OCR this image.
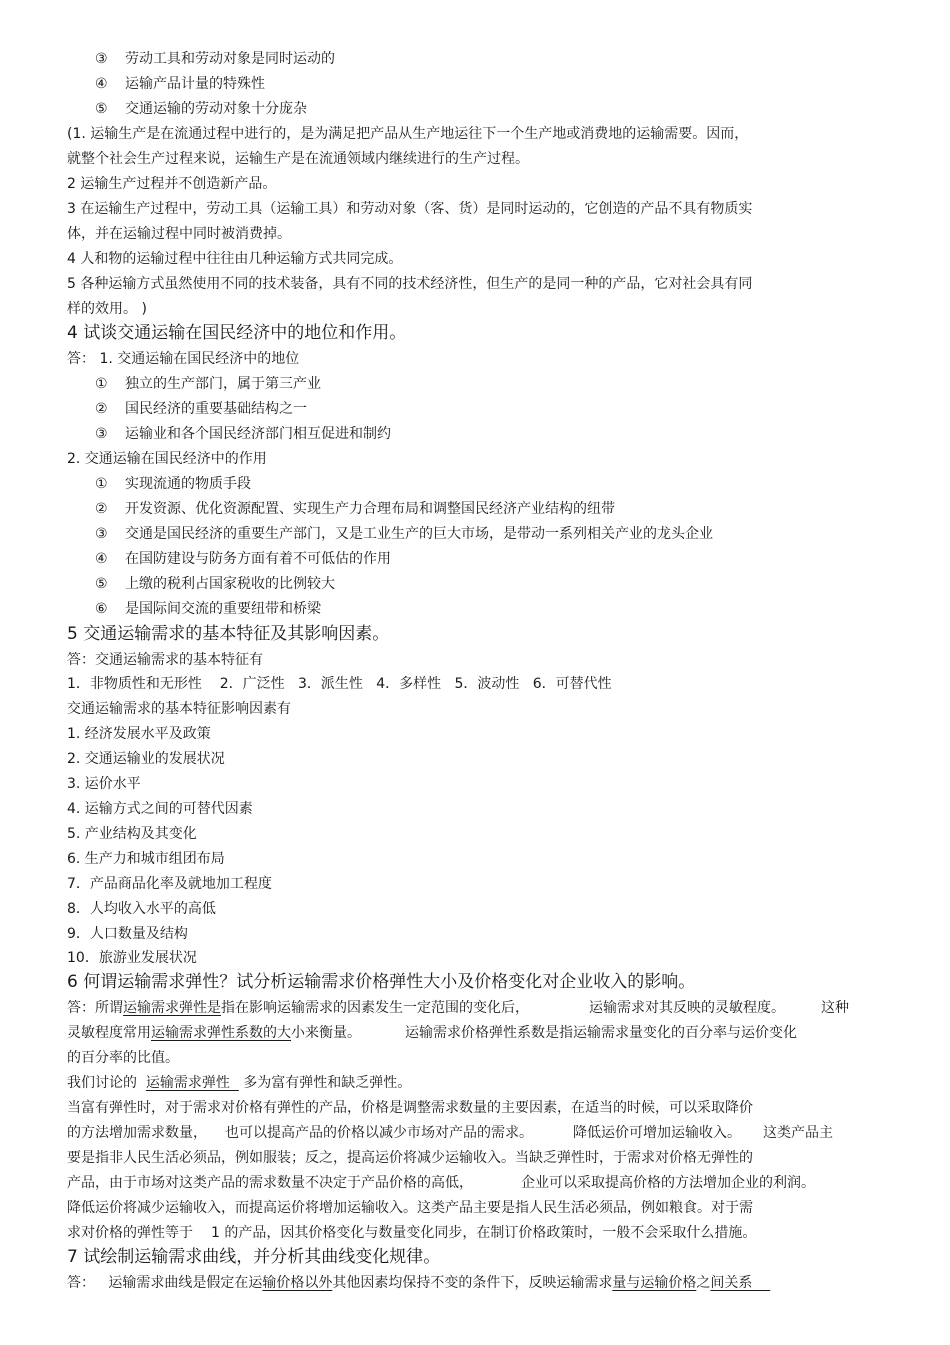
③ 劳动工具和劳动对象是同时运动的
④ 运输产品计量的特殊性
⑤ 交通运输的劳动对象十分庞杂
(1. 运输生产是在流通过程中进行的，是为满足把产品从生产地运往下一个生产地或消费地的运输需要。因而，
就整个社会生产过程来说，运输生产是在流通领域内继续进行的生产过程。
2 运输生产过程并不创造新产品。
3 在运输生产过程中，劳动工具（运输工具）和劳动对象（客、货）是同时运动的，它创造的产品不具有物质实
体，并在运输过程中同时被消费掉。
4 人和物的运输过程中往往由几种运输方式共同完成。
5 各种运输方式虽然使用不同的技术装备，具有不同的技术经济性，但生产的是同一种的产品，它对社会具有同
样的效用。 )
4 试谈交通运输在国民经济中的地位和作用。
答： 1. 交通运输在国民经济中的地位
① 独立的生产部门，属于第三产业
② 国民经济的重要基础结构之一
③ 运输业和各个国民经济部门相互促进和制约
2. 交通运输在国民经济中的作用
① 实现流通的物质手段
② 开发资源、优化资源配置、实现生产力合理布局和调整国民经济产业结构的纽带
③ 交通是国民经济的重要生产部门，又是工业生产的巨大市场，是带动一系列相关产业的龙头企业
④ 在国防建设与防务方面有着不可低估的作用
⑤ 上缴的税利占国家税收的比例较大
⑥ 是国际间交流的重要纽带和桥梁
5 交通运输需求的基本特征及其影响因素。
答：交通运输需求的基本特征有
1．非物质性和无形性    2．广泛性   3．派生性   4．多样性   5．波动性   6．可替代性
交通运输需求的基本特征影响因素有
1. 经济发展水平及政策
2. 交通运输业的发展状况
3. 运价水平
4. 运输方式之间的可替代因素
5. 产业结构及其变化
6. 生产力和城市组团布局
7．产品商品化率及就地加工程度
8．人均收入水平的高低
9．人口数量及结构
10．旅游业发展状况
6 何谓运输需求弹性？试分析运输需求价格弹性大小及价格变化对企业收入的影响。
答：所谓运输需求弹性是指在影响运输需求的因素发生一定范围的变化后，	运输需求对其反映的灵敏程度。	这种
灵敏程度常用运输需求弹性系数的大小来衡量。	运输需求价格弹性系数是指运输需求量变化的百分率与运价变化
的百分率的比值。
我们讨论的  运输需求弹性   多为富有弹性和缺乏弹性。
当富有弹性时，对于需求对价格有弹性的产品，价格是调整需求数量的主要因素，在适当的时候，可以采取降价
的方法增加需求数量， 也可以提高产品的价格以减少市场对产品的需求。	降低运价可增加运输收入。 这类产品主
要是指非人民生活必须品，例如服装；反之，提高运价将减少运输收入。当缺乏弹性时，于需求对价格无弹性的
产品，由于市场对这类产品的需求数量不决定于产品价格的高低，	企业可以采取提高价格的方法增加企业的利润。
降低运价将减少运输收入，而提高运价将增加运输收入。这类产品主要是指人民生活必须品，例如粮食。对于需
求对价格的弹性等于 1 的产品，因其价格变化与数量变化同步，在制订价格政策时，一般不会采取什么措施。
7 试绘制运输需求曲线，并分析其曲线变化规律。
答：   运输需求曲线是假定在运输价格以外其他因素均保持不变的条件下，反映运输需求量与运输价格之间关系
